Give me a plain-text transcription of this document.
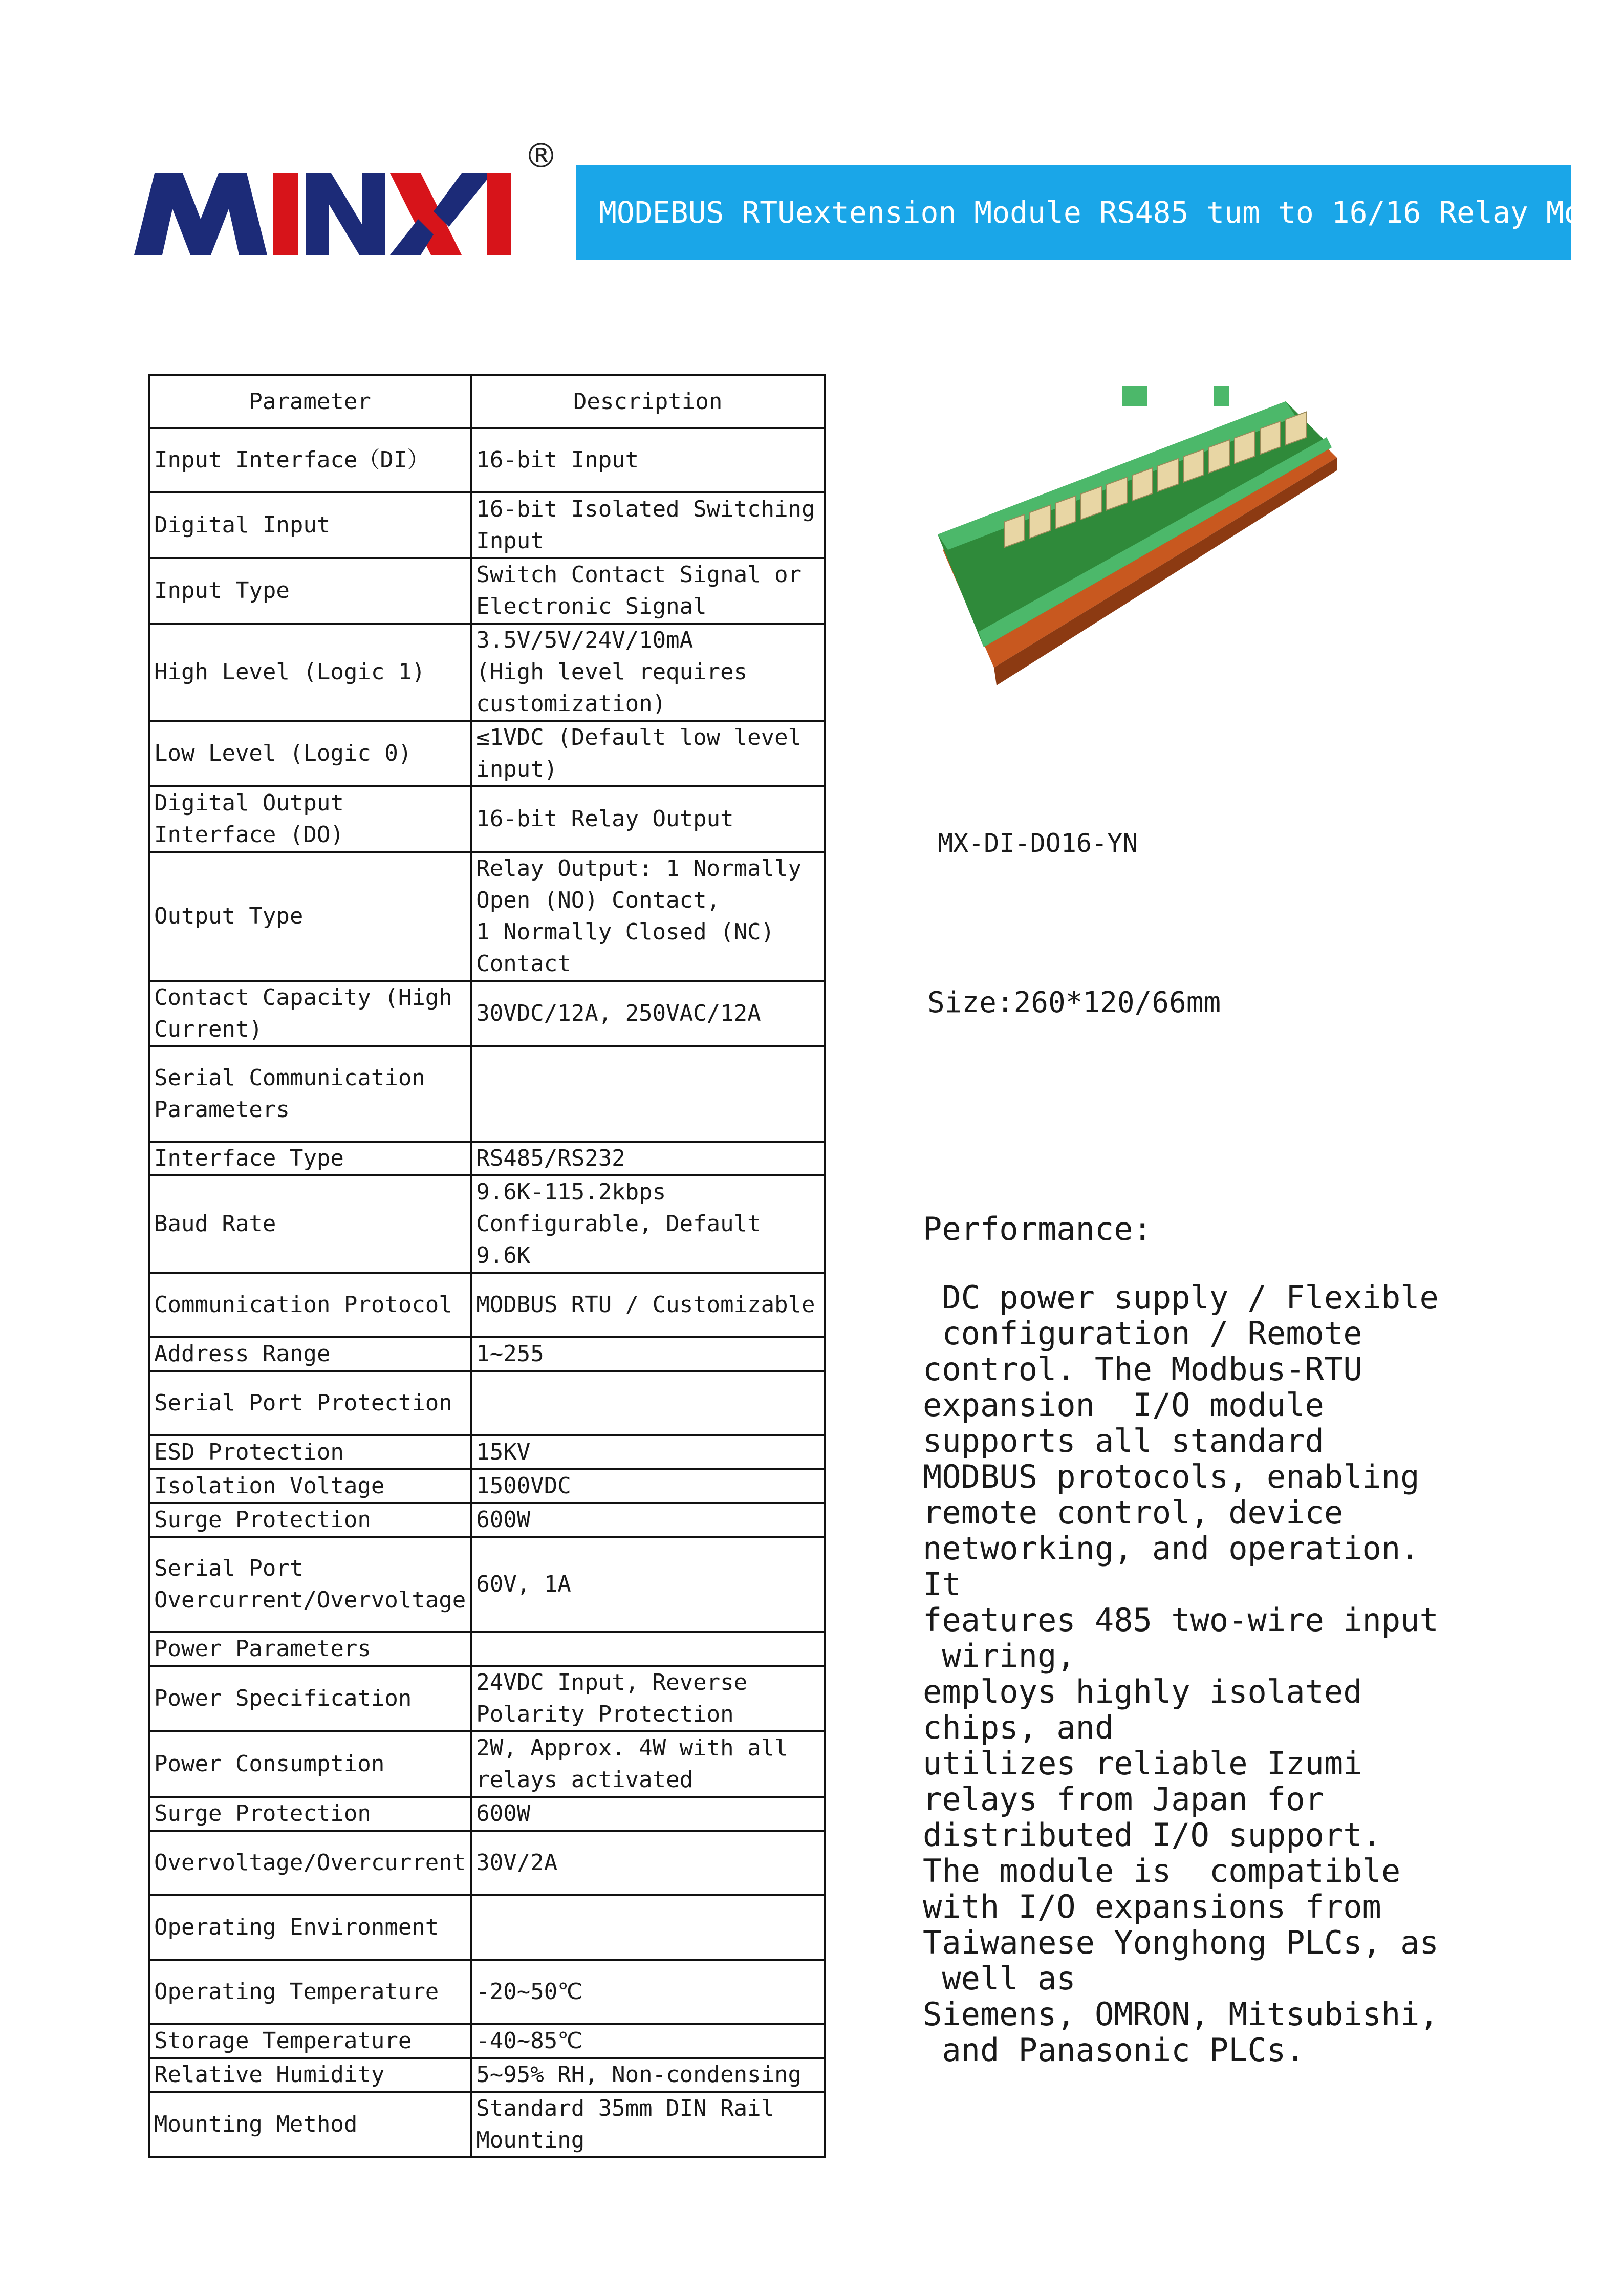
®
MODEBUS RTUextension Module RS485 tum to 16/16 Relay Mode
Parameter	Description
Input Interface（DI）	16-bit Input
Digital Input	16-bit Isolated Switching Input
Input Type	Switch Contact Signal or Electronic Signal
High Level (Logic 1)	3.5V/5V/24V/10mA
(High level requires customization)
Low Level (Logic 0)	≤1VDC (Default low level input)
Digital Output Interface (DO)	16-bit Relay Output
Output Type	Relay Output: 1 Normally Open (NO) Contact,
1 Normally Closed (NC) Contact
Contact Capacity (High Current)	30VDC/12A, 250VAC/12A
Serial Communication Parameters	
Interface Type	RS485/RS232
Baud Rate	9.6K-115.2kbps Configurable, Default 9.6K
Communication Protocol	MODBUS RTU / Customizable
Address Range	1~255
Serial Port Protection	
ESD Protection	15KV
Isolation Voltage	1500VDC
Surge Protection	600W
Serial Port Overcurrent/Overvoltage	60V, 1A
Power Parameters	
Power Specification	24VDC Input, Reverse Polarity Protection
Power Consumption	2W, Approx. 4W with all relays activated
Surge Protection	600W
Overvoltage/Overcurrent	30V/2A
Operating Environment	
Operating Temperature	-20~50℃
Storage Temperature	-40~85℃
Relative Humidity	5~95% RH, Non-condensing
Mounting Method	Standard 35mm DIN Rail Mounting
MX-DI-DO16-YN
Size:260*120/66mm
Performance:
DC power supply / Flexible
configuration / Remote
control. The Modbus-RTU
expansion  I/O module
supports all standard
MODBUS protocols, enabling
remote control, device
networking, and operation.
It
features 485 two-wire input
wiring,
employs highly isolated
chips, and
utilizes reliable Izumi
relays from Japan for
distributed I/O support.
The module is  compatible
with I/O expansions from
Taiwanese Yonghong PLCs, as
well as
Siemens, OMRON, Mitsubishi,
and Panasonic PLCs.
